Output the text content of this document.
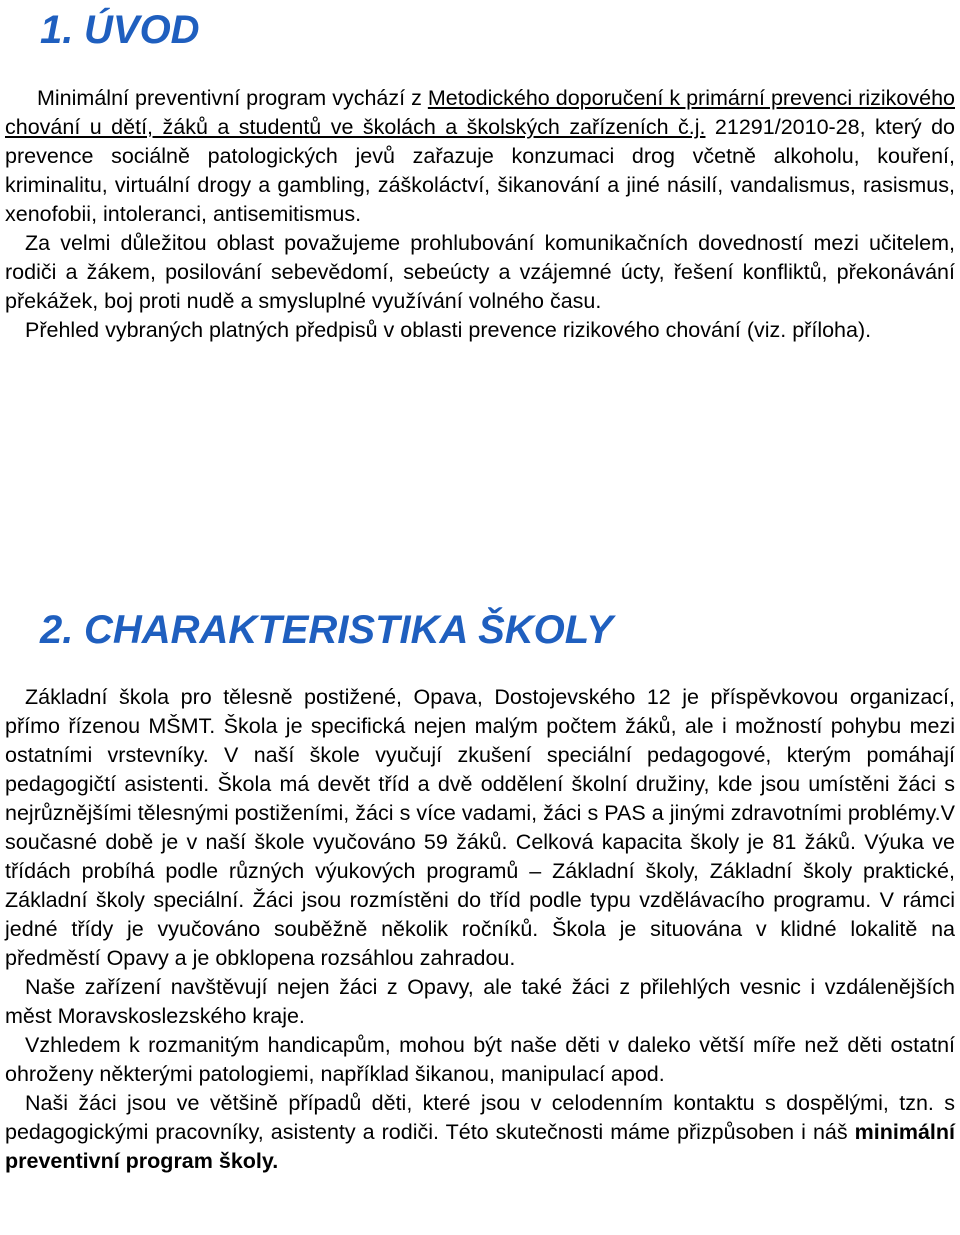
1. ÚVOD

Minimální preventivní program vychází z Metodického doporučení k primární prevenci rizikového chování u dětí, žáků a studentů ve školách a školských zařízeních č.j. 21291/2010-28, který do prevence sociálně patologických jevů zařazuje konzumaci drog včetně alkoholu, kouření, kriminalitu, virtuální drogy a gambling, záškoláctví, šikanování a jiné násilí, vandalismus, rasismus, xenofobii, intoleranci, antisemitismus.

Za velmi důležitou oblast považujeme prohlubování komunikačních dovedností mezi učitelem, rodiči a žákem, posilování sebevědomí, sebeúcty a vzájemné úcty, řešení konfliktů, překonávání překážek, boj proti nudě a smysluplné využívání volného času.

Přehled vybraných platných předpisů v oblasti prevence rizikového chování (viz. příloha).

2. CHARAKTERISTIKA ŠKOLY

Základní škola pro tělesně postižené, Opava, Dostojevského 12 je příspěvkovou organizací, přímo řízenou MŠMT. Škola je specifická nejen malým počtem žáků, ale i možností pohybu mezi ostatními vrstevníky. V naší škole vyučují zkušení speciální pedagogové, kterým pomáhají pedagogičtí asistenti. Škola má devět tříd a dvě oddělení školní družiny, kde jsou umístěni žáci s nejrůznějšími tělesnými postiženími, žáci s více vadami, žáci s PAS a jinými zdravotními problémy.V současné době je v naší škole vyučováno 59 žáků. Celková kapacita školy je 81 žáků. Výuka ve třídách probíhá podle různých výukových programů – Základní školy, Základní školy praktické, Základní školy speciální. Žáci jsou rozmístěni do tříd podle typu vzdělávacího programu. V rámci jedné třídy je vyučováno souběžně několik ročníků. Škola je situována v klidné lokalitě na předměstí Opavy a je obklopena rozsáhlou zahradou.

Naše zařízení navštěvují nejen žáci z Opavy, ale také žáci z přilehlých vesnic i vzdálenějších měst Moravskoslezského kraje.

Vzhledem k rozmanitým handicapům, mohou být naše děti v daleko větší míře než děti ostatní ohroženy některými patologiemi, například šikanou, manipulací apod.

Naši žáci jsou ve většině případů děti, které jsou v celodenním kontaktu s dospělými, tzn. s pedagogickými pracovníky, asistenty a rodiči. Této skutečnosti máme přizpůsoben i náš minimální preventivní program školy.
